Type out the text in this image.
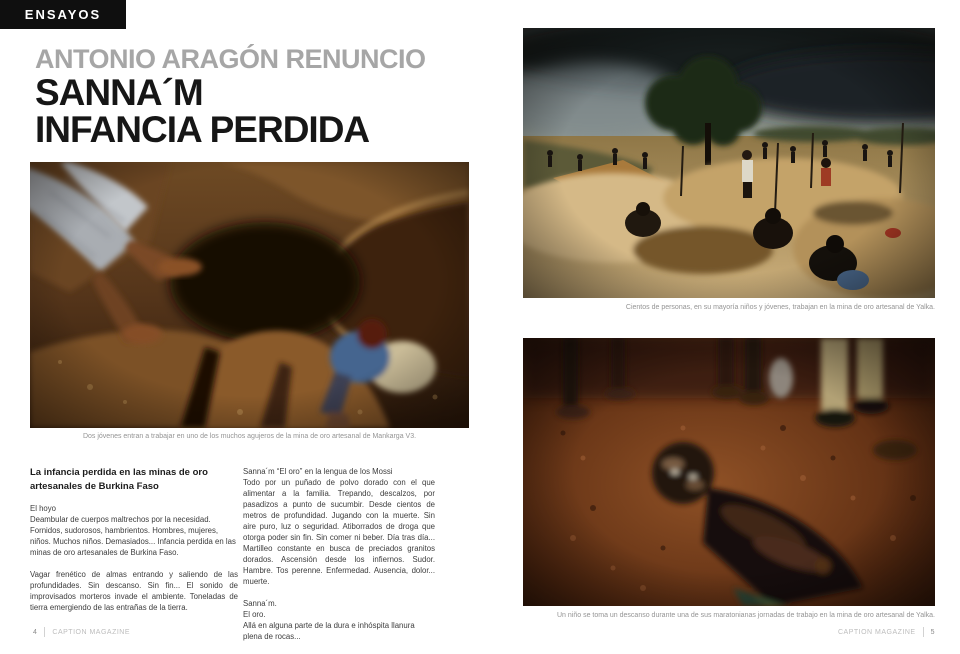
ENSAYOS
ANTONIO ARAGÓN RENUNCIO
SANNA´M
INFANCIA PERDIDA
Dos jóvenes entran a trabajar en uno de los muchos agujeros de la mina de oro artesanal de Mankarga V3.
La infancia perdida en las minas de oro artesanales de Burkina Faso

El hoyo
Deambular de cuerpos maltrechos por la necesidad. Fornidos, sudorosos, hambrientos. Hombres, mujeres, niños. Muchos niños. Demasiados... Infancia perdida en las minas de oro artesanales de Burkina Faso.

Vagar frenético de almas entrando y saliendo de las profundidades. Sin descanso. Sin fin... El sonido de improvisados morteros invade el ambiente. Toneladas de tierra emergiendo de las entrañas de la tierra.

Sanna´m “El oro” en la lengua de los Mossi
Todo por un puñado de polvo dorado con el que alimentar a la familia. Trepando, descalzos, por pasadizos a punto de sucumbir. Desde cientos de metros de profundidad. Jugando con la muerte. Sin aire puro, luz o seguridad. Atiborrados de droga que otorga poder sin fin. Sin comer ni beber. Día tras día... Martilleo constante en busca de preciados granitos dorados. Ascensión desde los infiernos. Sudor. Hambre. Tos perenne. Enfermedad. Ausencia, dolor... muerte.

Sanna´m.
El oro.
Allá en alguna parte de la dura e inhóspita llanura plena de rocas...

Cientos de personas, en su mayoría niños y jóvenes, trabajan en la mina de oro artesanal de Yalka.
Un niño se toma un descanso durante una de sus maratonianas jornadas de trabajo en la mina de oro artesanal de Yalka.
4 CAPTION MAGAZINE	CAPTION MAGAZINE 5
